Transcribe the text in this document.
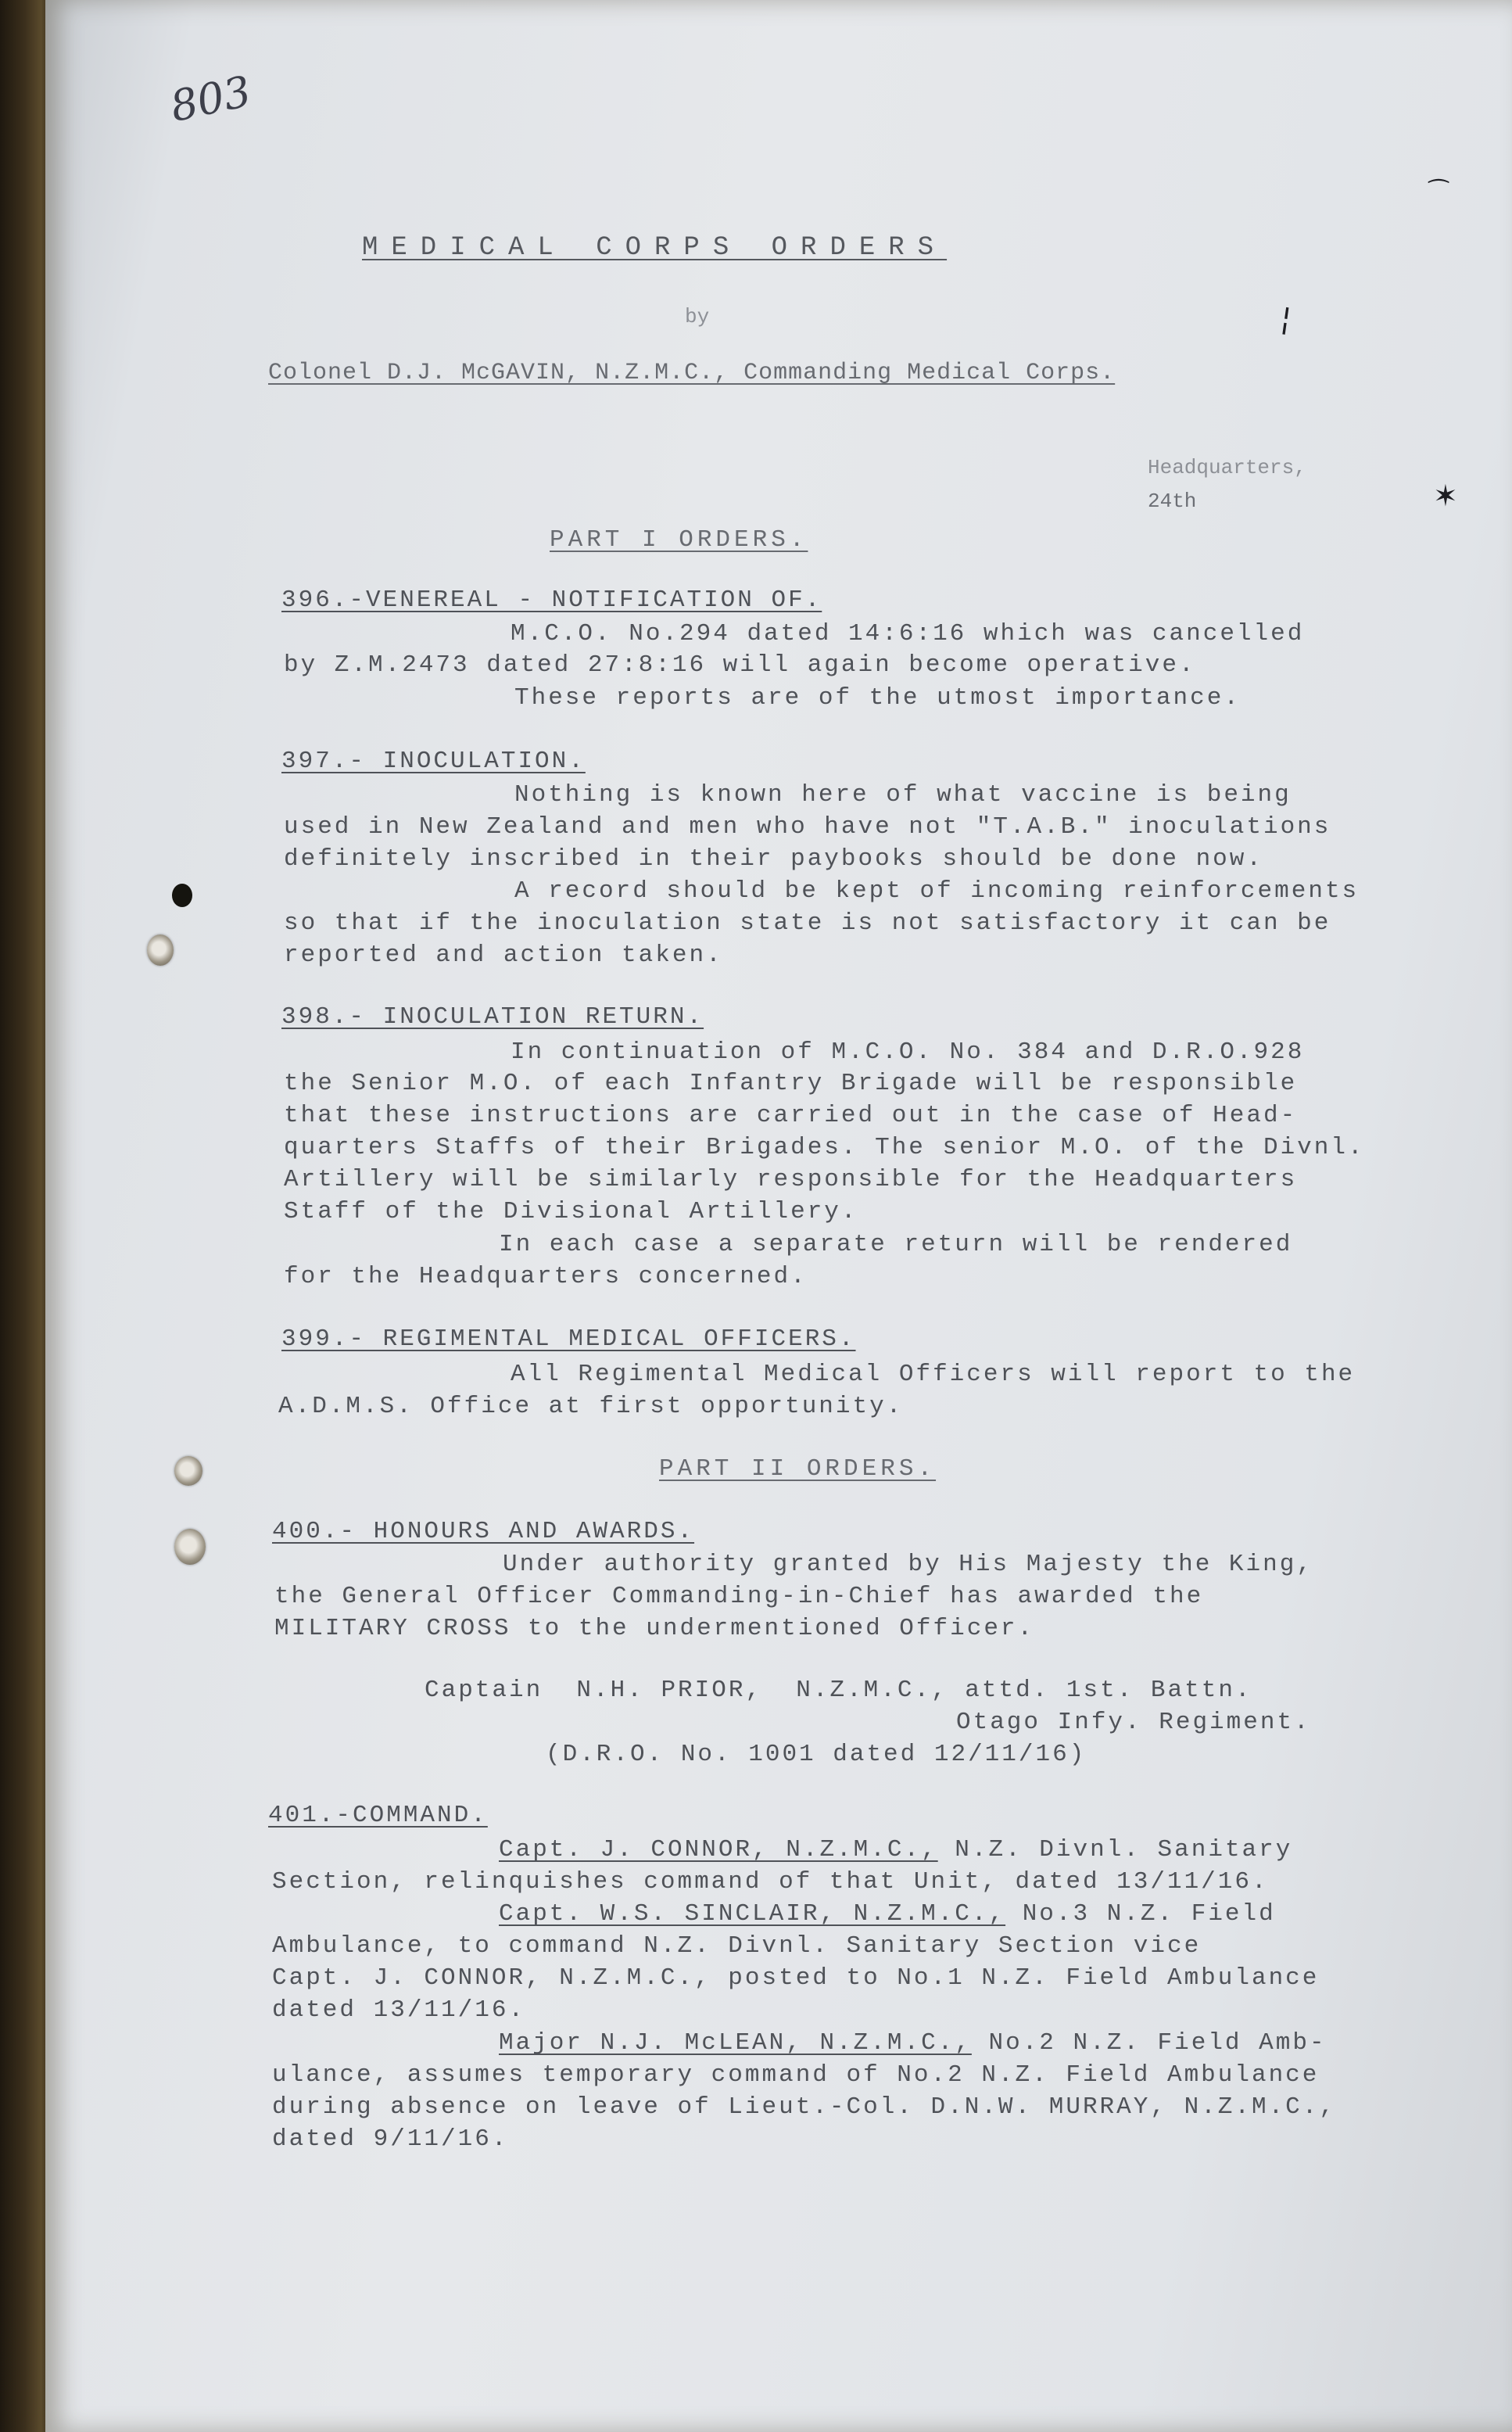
803
MEDICAL CORPS ORDERS
by
Colonel D.J. McGAVIN, N.Z.M.C., Commanding Medical Corps.
Headquarters,
24th
PART I ORDERS.
396.-VENEREAL - NOTIFICATION OF.
M.C.O. No.294 dated 14:6:16 which was cancelled
by Z.M.2473 dated 27:8:16 will again become operative.
These reports are of the utmost importance.
397.- INOCULATION.
Nothing is known here of what vaccine is being
used in New Zealand and men who have not "T.A.B." inoculations
definitely inscribed in their paybooks should be done now.
A record should be kept of incoming reinforcements
so that if the inoculation state is not satisfactory it can be
reported and action taken.
398.- INOCULATION RETURN.
In continuation of M.C.O. No. 384 and D.R.O.928
the Senior M.O. of each Infantry Brigade will be responsible
that these instructions are carried out in the case of Head-
quarters Staffs of their Brigades. The senior M.O. of the Divnl.
Artillery will be similarly responsible for the Headquarters
Staff of the Divisional Artillery.
In each case a separate return will be rendered
for the Headquarters concerned.
399.- REGIMENTAL MEDICAL OFFICERS.
All Regimental Medical Officers will report to the
A.D.M.S. Office at first opportunity.
PART II ORDERS.
400.- HONOURS AND AWARDS.
Under authority granted by His Majesty the King,
the General Officer Commanding-in-Chief has awarded the
MILITARY CROSS to the undermentioned Officer.
Captain  N.H. PRIOR,  N.Z.M.C., attd. 1st. Battn.
Otago Infy. Regiment.
(D.R.O. No. 1001 dated 12/11/16)
401.-COMMAND.
Capt. J. CONNOR, N.Z.M.C., N.Z. Divnl. Sanitary
Section, relinquishes command of that Unit, dated 13/11/16.
Capt. W.S. SINCLAIR, N.Z.M.C., No.3 N.Z. Field
Ambulance, to command N.Z. Divnl. Sanitary Section vice
Capt. J. CONNOR, N.Z.M.C., posted to No.1 N.Z. Field Ambulance
dated 13/11/16.
Major N.J. McLEAN, N.Z.M.C., No.2 N.Z. Field Amb-
ulance, assumes temporary command of No.2 N.Z. Field Ambulance
during absence on leave of Lieut.-Col. D.N.W. MURRAY, N.Z.M.C.,
dated 9/11/16.
⁀
¦
✶
